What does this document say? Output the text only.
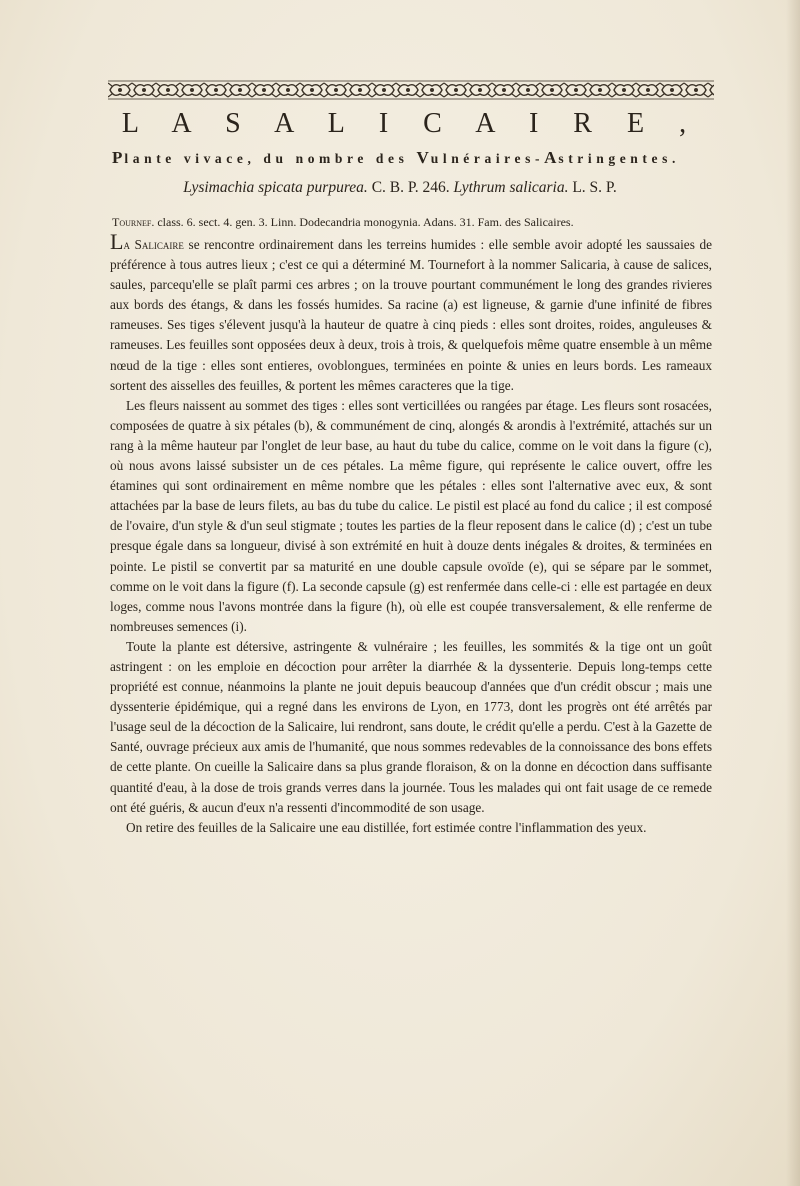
L A S A L I C A I R E ,
Plante vivace, du nombre des Vulnéraires-Astringentes.
Lysimachia spicata purpurea. C. B. P. 246. Lythrum salicaria. L. S. P.
Tournef. class. 6. sect. 4. gen. 3. Linn. Dodecandria monogynia. Adans. 31. Fam. des Salicaires.

La Salicaire se rencontre ordinairement dans les terreins humides : elle semble avoir adopté les saussaies de préférence à tous autres lieux ; c'est ce qui a déterminé M. Tournefort à la nommer Salicaria, à cause de salices, saules, parcequ'elle se plaît parmi ces arbres ; on la trouve pourtant communément le long des grandes rivieres aux bords des étangs, & dans les fossés humides. Sa racine (a) est ligneuse, & garnie d'une infinité de fibres rameuses. Ses tiges s'élevent jusqu'à la hauteur de quatre à cinq pieds : elles sont droites, roides, anguleuses & rameuses. Les feuilles sont opposées deux à deux, trois à trois, & quelquefois même quatre ensemble à un même nœud de la tige : elles sont entieres, ovoblongues, terminées en pointe & unies en leurs bords. Les rameaux sortent des aisselles des feuilles, & portent les mêmes caracteres que la tige.

Les fleurs naissent au sommet des tiges : elles sont verticillées ou rangées par étage. Les fleurs sont rosacées, composées de quatre à six pétales (b), & communément de cinq, alongés & arondis à l'extrémité, attachés sur un rang à la même hauteur par l'onglet de leur base, au haut du tube du calice, comme on le voit dans la figure (c), où nous avons laissé subsister un de ces pétales. La même figure, qui représente le calice ouvert, offre les étamines qui sont ordinairement en même nombre que les pétales : elles sont l'alternative avec eux, & sont attachées par la base de leurs filets, au bas du tube du calice. Le pistil est placé au fond du calice ; il est composé de l'ovaire, d'un style & d'un seul stigmate ; toutes les parties de la fleur reposent dans le calice (d) ; c'est un tube presque égale dans sa longueur, divisé à son extrémité en huit à douze dents inégales & droites, & terminées en pointe. Le pistil se convertit par sa maturité en une double capsule ovoïde (e), qui se sépare par le sommet, comme on le voit dans la figure (f). La seconde capsule (g) est renfermée dans celle-ci : elle est partagée en deux loges, comme nous l'avons montrée dans la figure (h), où elle est coupée transversalement, & elle renferme de nombreuses semences (i).

Toute la plante est détersive, astringente & vulnéraire ; les feuilles, les sommités & la tige ont un goût astringent : on les emploie en décoction pour arrêter la diarrhée & la dyssenterie. Depuis long-temps cette propriété est connue, néanmoins la plante ne jouit depuis beaucoup d'années que d'un crédit obscur ; mais une dyssenterie épidémique, qui a regné dans les environs de Lyon, en 1773, dont les progrès ont été arrêtés par l'usage seul de la décoction de la Salicaire, lui rendront, sans doute, le crédit qu'elle a perdu. C'est à la Gazette de Santé, ouvrage précieux aux amis de l'humanité, que nous sommes redevables de la connoissance des bons effets de cette plante. On cueille la Salicaire dans sa plus grande floraison, & on la donne en décoction dans suffisante quantité d'eau, à la dose de trois grands verres dans la journée. Tous les malades qui ont fait usage de ce remede ont été guéris, & aucun d'eux n'a ressenti d'incommodité de son usage.

On retire des feuilles de la Salicaire une eau distillée, fort estimée contre l'inflammation des yeux.
